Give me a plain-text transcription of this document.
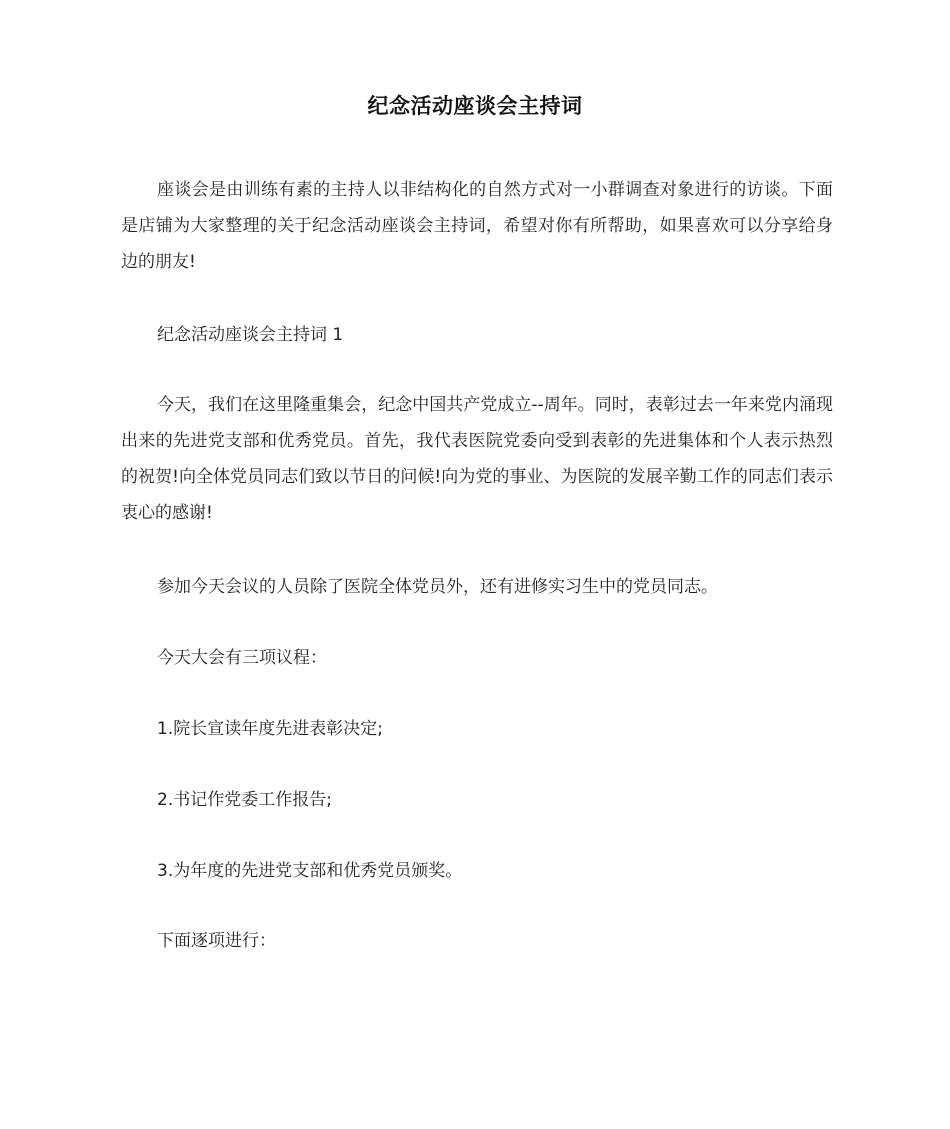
纪念活动座谈会主持词

座谈会是由训练有素的主持人以非结构化的自然方式对一小群调查对象进行的访谈。下面是店铺为大家整理的关于纪念活动座谈会主持词，希望对你有所帮助，如果喜欢可以分享给身边的朋友!

纪念活动座谈会主持词 1

今天，我们在这里隆重集会，纪念中国共产党成立--周年。同时，表彰过去一年来党内涌现出来的先进党支部和优秀党员。首先，我代表医院党委向受到表彰的先进集体和个人表示热烈的祝贺!向全体党员同志们致以节日的问候!向为党的事业、为医院的发展辛勤工作的同志们表示衷心的感谢!

参加今天会议的人员除了医院全体党员外，还有进修实习生中的党员同志。

今天大会有三项议程：

1.院长宣读年度先进表彰决定;

2.书记作党委工作报告;

3.为年度的先进党支部和优秀党员颁奖。

下面逐项进行：
